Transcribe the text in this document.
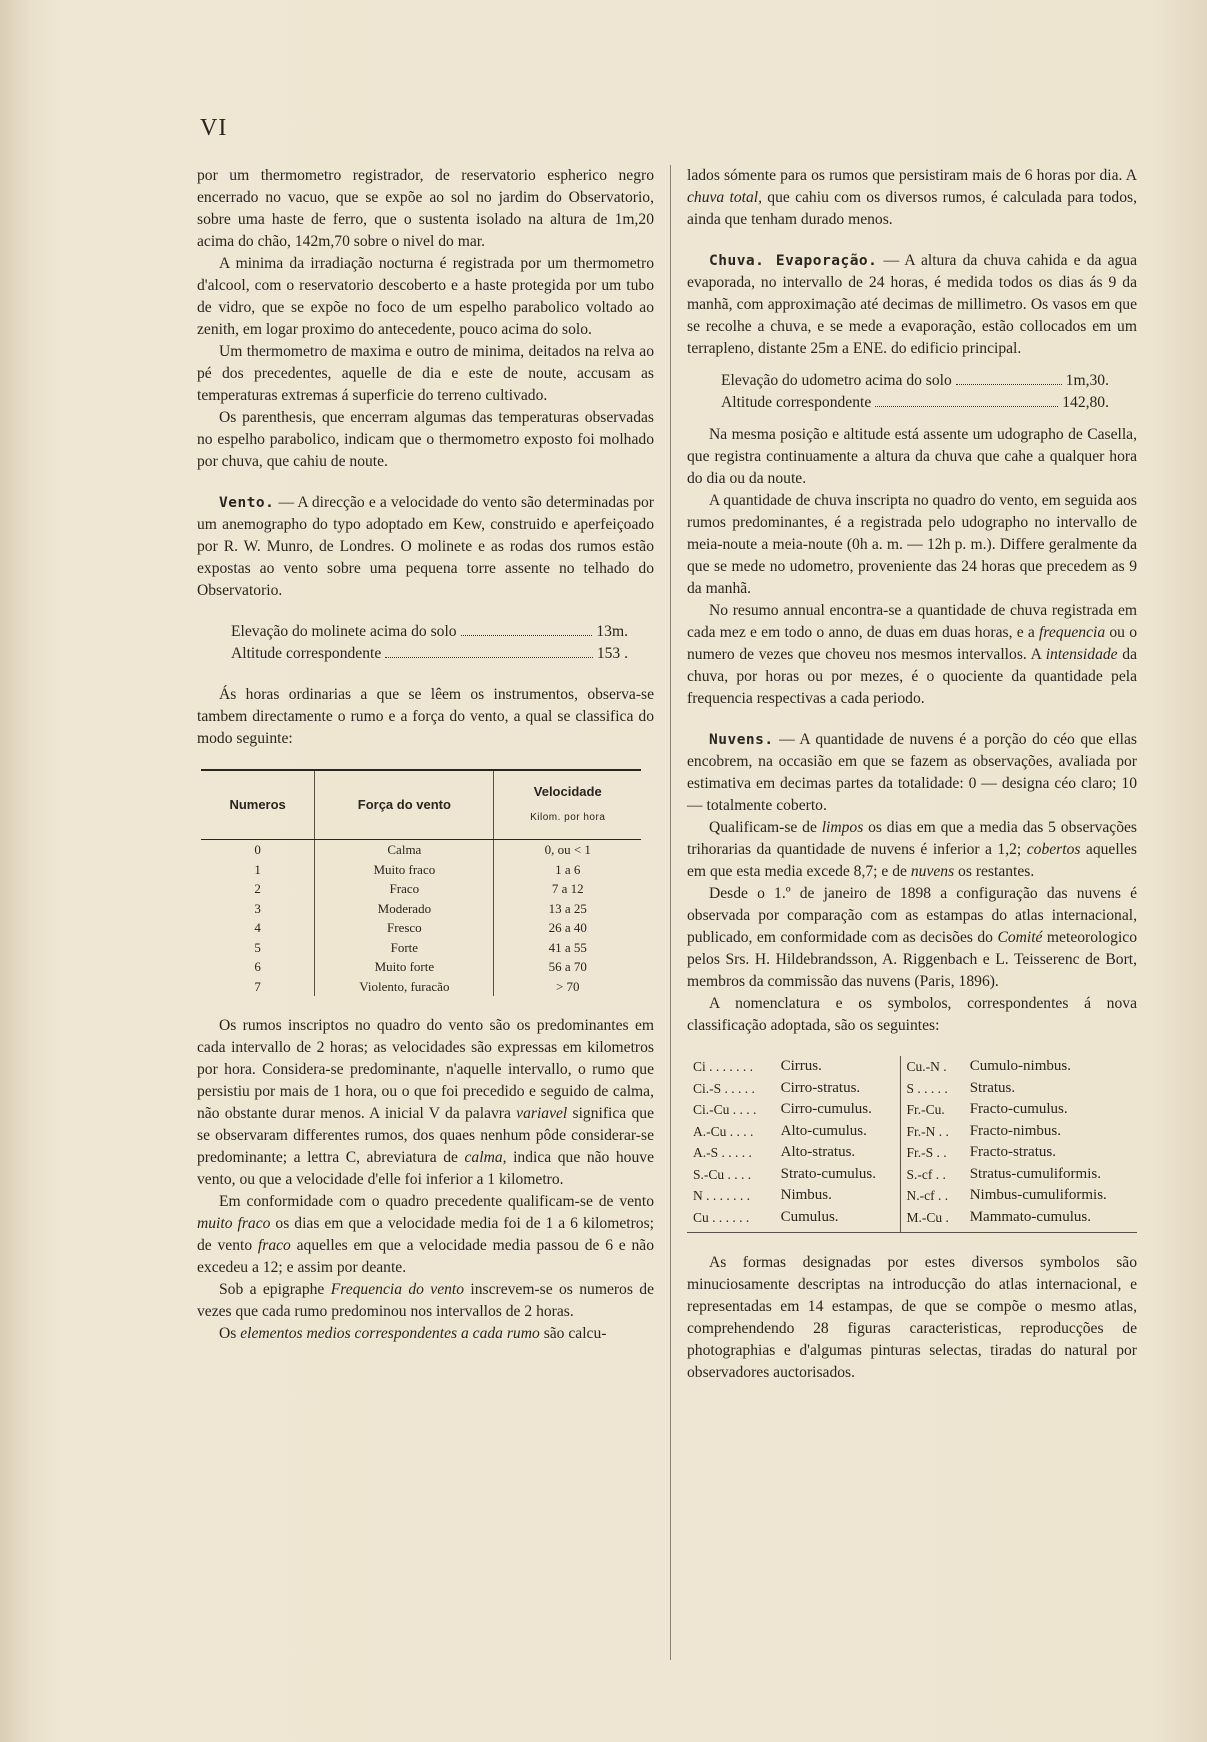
VI

por um thermometro registrador, de reservatorio espherico negro encerrado no vacuo, que se expõe ao sol no jardim do Observatorio, sobre uma haste de ferro, que o sustenta isolado na altura de 1m,20 acima do chão, 142m,70 sobre o nivel do mar.

A minima da irradiação nocturna é registrada por um thermometro d'alcool, com o reservatorio descoberto e a haste protegida por um tubo de vidro, que se expõe no foco de um espelho parabolico voltado ao zenith, em logar proximo do antecedente, pouco acima do solo.

Um thermometro de maxima e outro de minima, deitados na relva ao pé dos precedentes, aquelle de dia e este de noute, accusam as temperaturas extremas á superficie do terreno cultivado.

Os parenthesis, que encerram algumas das temperaturas observadas no espelho parabolico, indicam que o thermometro exposto foi molhado por chuva, que cahiu de noute.

Vento. — A direcção e a velocidade do vento são determinadas por um anemographo do typo adoptado em Kew, construido e aperfeiçoado por R. W. Munro, de Londres. O molinete e as rodas dos rumos estão expostas ao vento sobre uma pequena torre assente no telhado do Observatorio.

Elevação do molinete acima do solo	13m.
Altitude correspondente	153 .

Ás horas ordinarias a que se lêem os instrumentos, observa-se tambem directamente o rumo e a força do vento, a qual se classifica do modo seguinte:

Numeros	Força do vento	Velocidade
Kilom. por hora

0	Calma	0, ou < 1
1	Muito fraco	1 a 6
2	Fraco	7 a 12
3	Moderado	13 a 25
4	Fresco	26 a 40
5	Forte	41 a 55
6	Muito forte	56 a 70
7	Violento, furacão	> 70

Os rumos inscriptos no quadro do vento são os predominantes em cada intervallo de 2 horas; as velocidades são expressas em kilometros por hora. Considera-se predominante, n'aquelle intervallo, o rumo que persistiu por mais de 1 hora, ou o que foi precedido e seguido de calma, não obstante durar menos. A inicial V da palavra variavel significa que se observaram differentes rumos, dos quaes nenhum pôde considerar-se predominante; a lettra C, abreviatura de calma, indica que não houve vento, ou que a velocidade d'elle foi inferior a 1 kilometro.

Em conformidade com o quadro precedente qualificam-se de vento muito fraco os dias em que a velocidade media foi de 1 a 6 kilometros; de vento fraco aquelles em que a velocidade media passou de 6 e não excedeu a 12; e assim por deante.

Sob a epigraphe Frequencia do vento inscrevem-se os numeros de vezes que cada rumo predominou nos intervallos de 2 horas.

Os elementos medios correspondentes a cada rumo são calcu-

lados sómente para os rumos que persistiram mais de 6 horas por dia. A chuva total, que cahiu com os diversos rumos, é calculada para todos, ainda que tenham durado menos.

Chuva. Evaporação. — A altura da chuva cahida e da agua evaporada, no intervallo de 24 horas, é medida todos os dias ás 9 da manhã, com approximação até decimas de millimetro. Os vasos em que se recolhe a chuva, e se mede a evaporação, estão collocados em um terrapleno, distante 25m a ENE. do edificio principal.

Elevação do udometro acima do solo	1m,30.
Altitude correspondente	142,80.

Na mesma posição e altitude está assente um udographo de Casella, que registra continuamente a altura da chuva que cahe a qualquer hora do dia ou da noute.

A quantidade de chuva inscripta no quadro do vento, em seguida aos rumos predominantes, é a registrada pelo udographo no intervallo de meia-noute a meia-noute (0h a. m. — 12h p. m.). Differe geralmente da que se mede no udometro, proveniente das 24 horas que precedem as 9 da manhã.

No resumo annual encontra-se a quantidade de chuva registrada em cada mez e em todo o anno, de duas em duas horas, e a frequencia ou o numero de vezes que choveu nos mesmos intervallos. A intensidade da chuva, por horas ou por mezes, é o quociente da quantidade pela frequencia respectivas a cada periodo.

Nuvens. — A quantidade de nuvens é a porção do céo que ellas encobrem, na occasião em que se fazem as observações, avaliada por estimativa em decimas partes da totalidade: 0 — designa céo claro; 10 — totalmente coberto.

Qualificam-se de limpos os dias em que a media das 5 observações trihorarias da quantidade de nuvens é inferior a 1,2; cobertos aquelles em que esta media excede 8,7; e de nuvens os restantes.

Desde o 1.º de janeiro de 1898 a configuração das nuvens é observada por comparação com as estampas do atlas internacional, publicado, em conformidade com as decisões do Comité meteorologico pelos Srs. H. Hildebrandsson, A. Riggenbach e L. Teisserenc de Bort, membros da commissão das nuvens (Paris, 1896).

A nomenclatura e os symbolos, correspondentes á nova classificação adoptada, são os seguintes:

Ci . . . . . . .	Cirrus.		Cu.-N .	Cumulo-nimbus.
Ci.-S . . . . .	Cirro-stratus.		S . . . . .	Stratus.
Ci.-Cu . . . .	Cirro-cumulus.		Fr.-Cu.	Fracto-cumulus.
A.-Cu . . . .	Alto-cumulus.		Fr.-N . .	Fracto-nimbus.
A.-S . . . . .	Alto-stratus.		Fr.-S . .	Fracto-stratus.
S.-Cu . . . .	Strato-cumulus.		S.-cf . .	Stratus-cumuliformis.
N . . . . . . .	Nimbus.		N.-cf . .	Nimbus-cumuliformis.
Cu . . . . . .	Cumulus.		M.-Cu .	Mammato-cumulus.

As formas designadas por estes diversos symbolos são minuciosamente descriptas na introducção do atlas internacional, e representadas em 14 estampas, de que se compõe o mesmo atlas, comprehendendo 28 figuras caracteristicas, reproducções de photographias e d'algumas pinturas selectas, tiradas do natural por observadores auctorisados.
